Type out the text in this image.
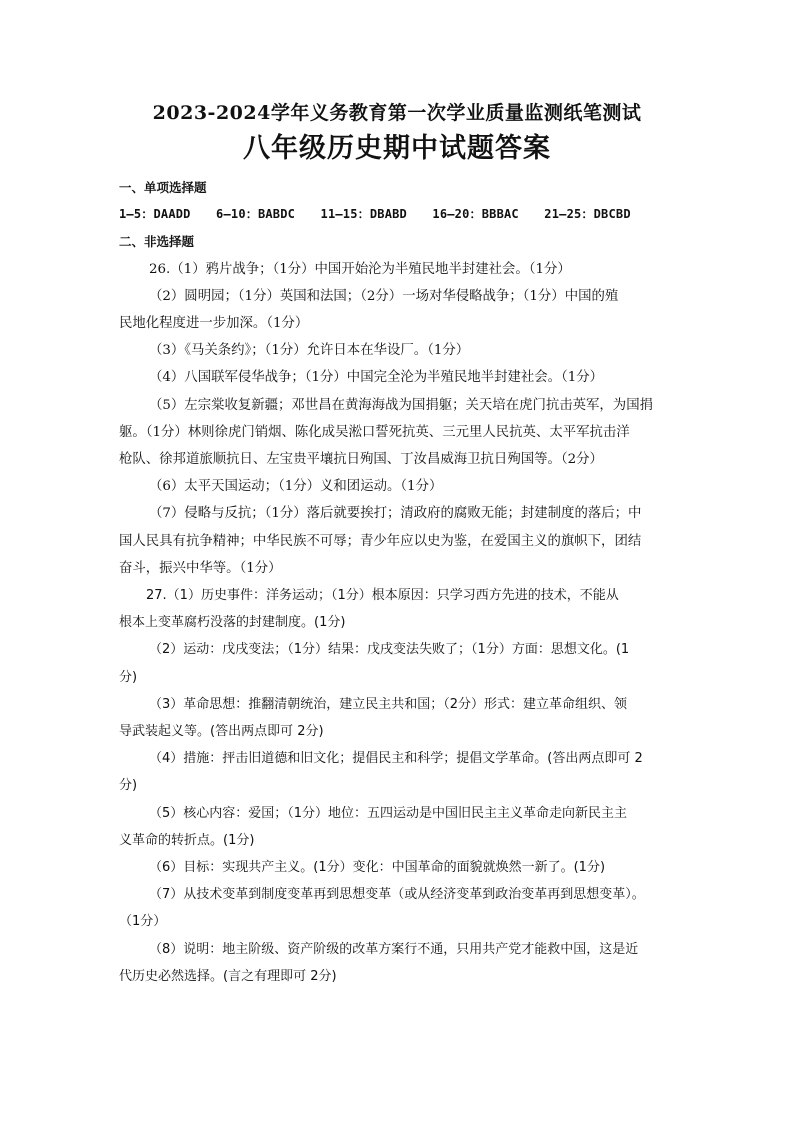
2023-2024学年义务教育第一次学业质量监测纸笔测试
八年级历史期中试题答案
一、单项选择题
1—5：DAADD 6—10：BABDC 11—15：DBABD 16—20：BBBAC 21—25：DBCBD
二、非选择题
26.（1）鸦片战争；（1分）中国开始沦为半殖民地半封建社会。（1分）
（2）圆明园；（1分）英国和法国；（2分）一场对华侵略战争；（1分）中国的殖
民地化程度进一步加深。（1分）
（3）《马关条约》；（1分）允许日本在华设厂。（1分）
（4）八国联军侵华战争；（1分）中国完全沦为半殖民地半封建社会。（1分）
（5）左宗棠收复新疆；邓世昌在黄海海战为国捐躯；关天培在虎门抗击英军，为国捐
躯。（1分）林则徐虎门销烟、陈化成吴淞口誓死抗英、三元里人民抗英、太平军抗击洋
枪队、徐邦道旅顺抗日、左宝贵平壤抗日殉国、丁汝昌威海卫抗日殉国等。（2分）
（6）太平天国运动；（1分）义和团运动。（1分）
（7）侵略与反抗；（1分）落后就要挨打；清政府的腐败无能；封建制度的落后；中
国人民具有抗争精神；中华民族不可辱；青少年应以史为鉴，在爱国主义的旗帜下，团结
奋斗，振兴中华等。（1分）
27.（1）历史事件：洋务运动；（1分）根本原因：只学习西方先进的技术，不能从
根本上变革腐朽没落的封建制度。(1分)
（2）运动：戊戌变法；（1分）结果：戊戌变法失败了；（1分）方面：思想文化。(1
分)
（3）革命思想：推翻清朝统治，建立民主共和国；（2分）形式：建立革命组织、领
导武装起义等。(答出两点即可 2分)
（4）措施：抨击旧道德和旧文化；提倡民主和科学；提倡文学革命。(答出两点即可 2
分)
（5）核心内容：爱国；（1分）地位：五四运动是中国旧民主主义革命走向新民主主
义革命的转折点。(1分)
（6）目标：实现共产主义。(1分）变化：中国革命的面貌就焕然一新了。(1分)
（7）从技术变革到制度变革再到思想变革（或从经济变革到政治变革再到思想变革）。
（1分）
（8）说明：地主阶级、资产阶级的改革方案行不通，只用共产党才能救中国，这是近
代历史必然选择。(言之有理即可 2分)
